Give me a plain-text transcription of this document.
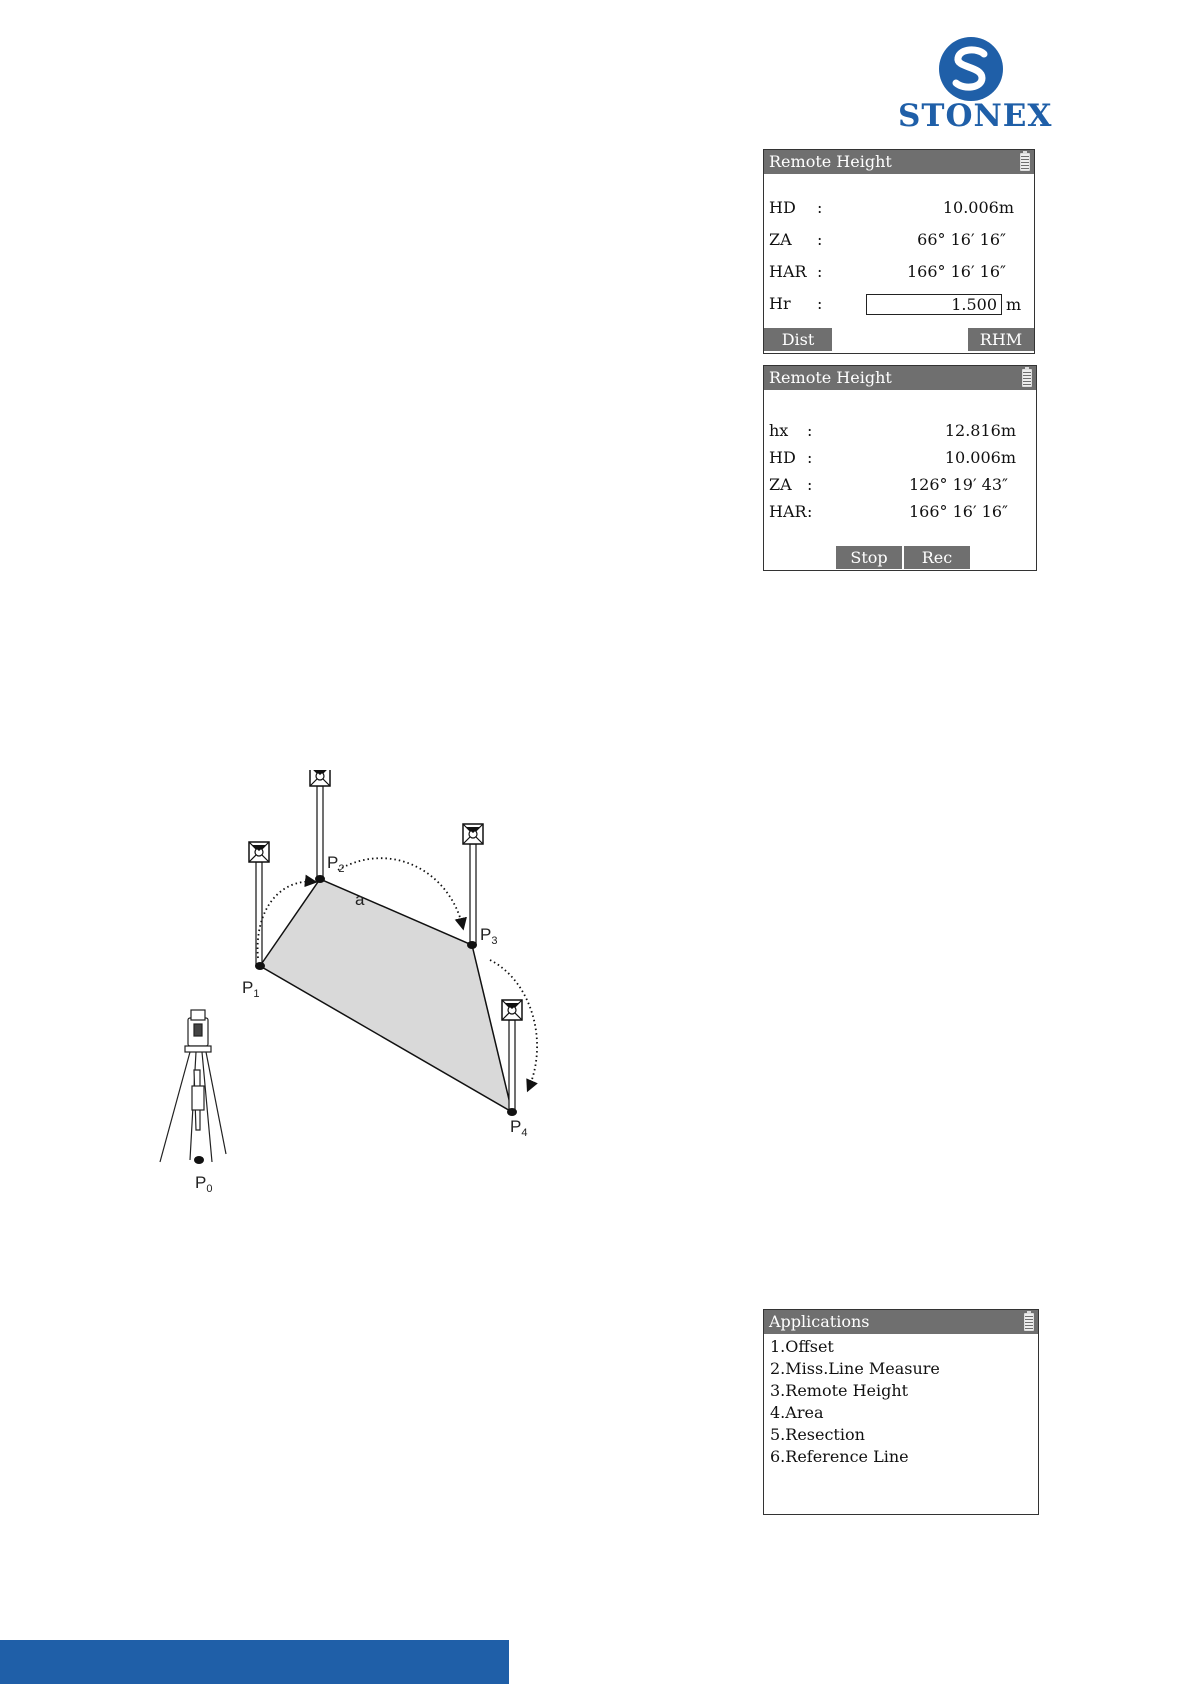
STONEX
Remote Height
HD :	10.006m
ZA :	66° 16′ 16″
HAR :	166° 16′ 16″
Hr :	1.500 m
Dist	RHM
Remote Height
hx :	12.816m
HD :	10.006m
ZA :	126° 19′ 43″
HAR :	166° 16′ 16″
Stop	Rec
a
$P_1$
$P_2$
$P_3$
$P_4$
$P_0$
Applications
1.Offset
2.Miss.Line Measure
3.Remote Height
4.Area
5.Resection
6.Reference Line
